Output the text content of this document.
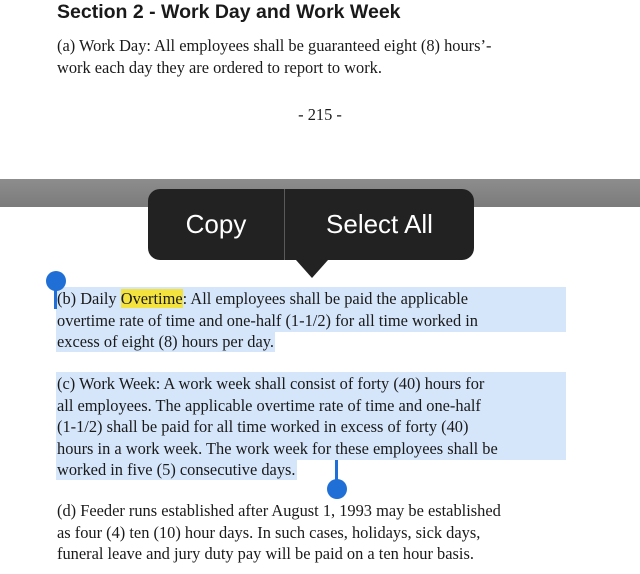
Section 2 - Work Day and Work Week
(a) Work Day: All employees shall be guaranteed eight (8) hours’-
work each day they are ordered to report to work.
- 215 -
(b) Daily Overtime: All employees shall be paid the applicable
overtime rate of time and one-half (1-1/2) for all time worked in
excess of eight (8) hours per day.
(c) Work Week: A work week shall consist of forty (40) hours for
all employees. The applicable overtime rate of time and one-half
(1-1/2) shall be paid for all time worked in excess of forty (40)
hours in a work week. The work week for these employees shall be
worked in five (5) consecutive days.
(d) Feeder runs established after August 1, 1993 may be established
as four (4) ten (10) hour days. In such cases, holidays, sick days,
funeral leave and jury duty pay will be paid on a ten hour basis.
Copy	Select All
